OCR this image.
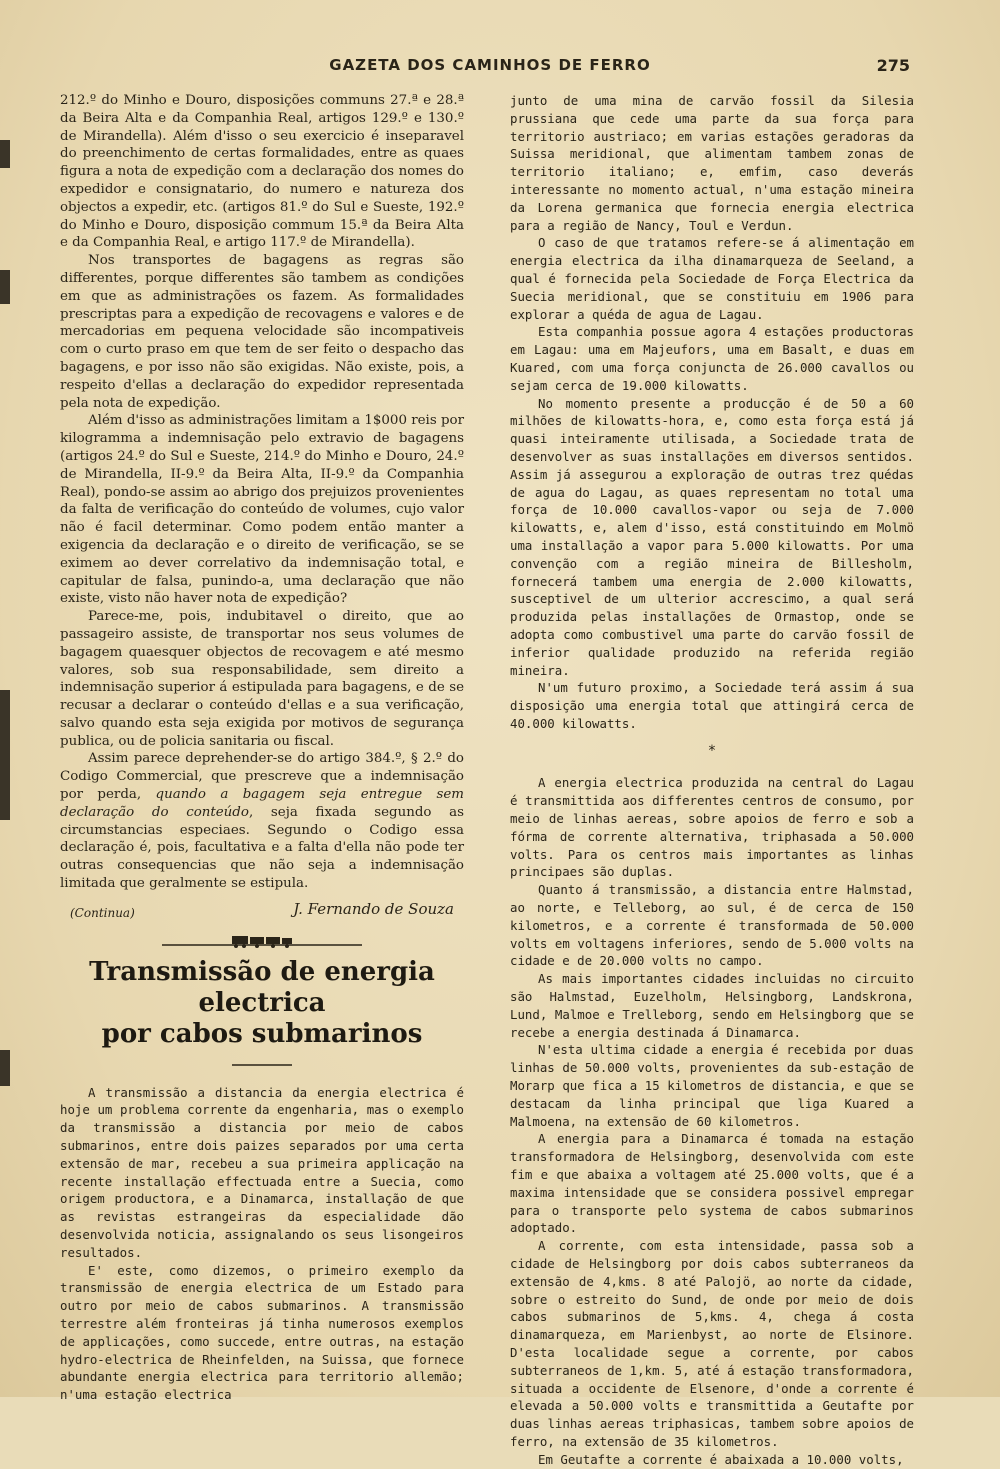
GAZETA DOS CAMINHOS DE FERRO	275

212.º do Minho e Douro, disposições communs 27.ª e 28.ª da Beira Alta e da Companhia Real, artigos 129.º e 130.º de Mirandella). Além d'isso o seu exercicio é inseparavel do preenchimento de certas formalidades, entre as quaes figura a nota de expedição com a declaração dos nomes do expedidor e consignatario, do numero e natureza dos objectos a expedir, etc. (artigos 81.º do Sul e Sueste, 192.º do Minho e Douro, disposição commum 15.ª da Beira Alta e da Companhia Real, e artigo 117.º de Mirandella).

Nos transportes de bagagens as regras são differentes, porque differentes são tambem as condições em que as administrações os fazem. As formalidades prescriptas para a expedição de recovagens e valores e de mercadorias em pequena velocidade são incompativeis com o curto praso em que tem de ser feito o despacho das bagagens, e por isso não são exigidas. Não existe, pois, a respeito d'ellas a declaração do expedidor representada pela nota de expedição.

Além d'isso as administrações limitam a 1$000 reis por kilogramma a indemnisação pelo extravio de bagagens (artigos 24.º do Sul e Sueste, 214.º do Minho e Douro, 24.º de Mirandella, II-9.º da Beira Alta, II-9.º da Companhia Real), pondo-se assim ao abrigo dos prejuizos provenientes da falta de verificação do conteúdo de volumes, cujo valor não é facil determinar. Como podem então manter a exigencia da declaração e o direito de verificação, se se eximem ao dever correlativo da indemnisação total, e capitular de falsa, punindo-a, uma declaração que não existe, visto não haver nota de expedição?

Parece-me, pois, indubitavel o direito, que ao passageiro assiste, de transportar nos seus volumes de bagagem quaesquer objectos de recovagem e até mesmo valores, sob sua responsabilidade, sem direito a indemnisação superior á estipulada para bagagens, e de se recusar a declarar o conteúdo d'ellas e a sua verificação, salvo quando esta seja exigida por motivos de segurança publica, ou de policia sanitaria ou fiscal.

Assim parece deprehender-se do artigo 384.º, § 2.º do Codigo Commercial, que prescreve que a indemnisação por perda, quando a bagagem seja entregue sem declaração do conteúdo, seja fixada segundo as circumstancias especiaes. Segundo o Codigo essa declaração é, pois, facultativa e a falta d'ella não pode ter outras consequencias que não seja a indemnisação limitada que geralmente se estipula.

(Continua)	J. Fernando de Souza
Transmissão de energia electrica
por cabos submarinos

A transmissão a distancia da energia electrica é hoje um problema corrente da engenharia, mas o exemplo da transmissão a distancia por meio de cabos submarinos, entre dois paizes separados por uma certa extensão de mar, recebeu a sua primeira applicação na recente installação effectuada entre a Suecia, como origem productora, e a Dinamarca, installação de que as revistas estrangeiras da especialidade dão desenvolvida noticia, assignalando os seus lisongeiros resultados.

E' este, como dizemos, o primeiro exemplo da transmissão de energia electrica de um Estado para outro por meio de cabos submarinos. A transmissão terrestre além fronteiras já tinha numerosos exemplos de applicações, como succede, entre outras, na estação hydro-electrica de Rheinfelden, na Suissa, que fornece abundante energia electrica para territorio allemão; n'uma estação electrica

junto de uma mina de carvão fossil da Silesia prussiana que cede uma parte da sua força para territorio austriaco; em varias estações geradoras da Suissa meridional, que alimentam tambem zonas de territorio italiano; e, emfim, caso deverás interessante no momento actual, n'uma estação mineira da Lorena germanica que fornecia energia electrica para a região de Nancy, Toul e Verdun.

O caso de que tratamos refere-se á alimentação em energia electrica da ilha dinamarqueza de Seeland, a qual é fornecida pela Sociedade de Força Electrica da Suecia meridional, que se constituiu em 1906 para explorar a quéda de agua de Lagau.

Esta companhia possue agora 4 estações productoras em Lagau: uma em Majeufors, uma em Basalt, e duas em Kuared, com uma força conjuncta de 26.000 cavallos ou sejam cerca de 19.000 kilowatts.

No momento presente a producção é de 50 a 60 milhões de kilowatts-hora, e, como esta força está já quasi inteiramente utilisada, a Sociedade trata de desenvolver as suas installações em diversos sentidos. Assim já assegurou a exploração de outras trez quédas de agua do Lagau, as quaes representam no total uma força de 10.000 cavallos-vapor ou seja de 7.000 kilowatts, e, alem d'isso, está constituindo em Molmö uma installação a vapor para 5.000 kilowatts. Por uma convenção com a região mineira de Billesholm, fornecerá tambem uma energia de 2.000 kilowatts, susceptivel de um ulterior accrescimo, a qual será produzida pelas installações de Ormastop, onde se adopta como combustivel uma parte do carvão fossil de inferior qualidade produzido na referida região mineira.

N'um futuro proximo, a Sociedade terá assim á sua disposição uma energia total que attingirá cerca de 40.000 kilowatts.

*

A energia electrica produzida na central do Lagau é transmittida aos differentes centros de consumo, por meio de linhas aereas, sobre apoios de ferro e sob a fórma de corrente alternativa, triphasada a 50.000 volts. Para os centros mais importantes as linhas principaes são duplas.

Quanto á transmissão, a distancia entre Halmstad, ao norte, e Telleborg, ao sul, é de cerca de 150 kilometros, e a corrente é transformada de 50.000 volts em voltagens inferiores, sendo de 5.000 volts na cidade e de 20.000 volts no campo.

As mais importantes cidades incluidas no circuito são Halmstad, Euzelholm, Helsingborg, Landskrona, Lund, Malmoe e Trelleborg, sendo em Helsingborg que se recebe a energia destinada á Dinamarca.

N'esta ultima cidade a energia é recebida por duas linhas de 50.000 volts, provenientes da sub-estação de Morarp que fica a 15 kilometros de distancia, e que se destacam da linha principal que liga Kuared a Malmoena, na extensão de 60 kilometros.

A energia para a Dinamarca é tomada na estação transformadora de Helsingborg, desenvolvida com este fim e que abaixa a voltagem até 25.000 volts, que é a maxima intensidade que se considera possivel empregar para o transporte pelo systema de cabos submarinos adoptado.

A corrente, com esta intensidade, passa sob a cidade de Helsingborg por dois cabos subterraneos da extensão de 4,kms. 8 até Palojö, ao norte da cidade, sobre o estreito do Sund, de onde por meio de dois cabos submarinos de 5,kms. 4, chega á costa dinamarqueza, em Marienbyst, ao norte de Elsinore. D'esta localidade segue a corrente, por cabos subterraneos de 1,km. 5, até á estação transformadora, situada a occidente de Elsenore, d'onde a corrente é elevada a 50.000 volts e transmittida a Geutafte por duas linhas aereas triphasicas, tambem sobre apoios de ferro, na extensão de 35 kilometros.

Em Geutafte a corrente é abaixada a 10.000 volts,
